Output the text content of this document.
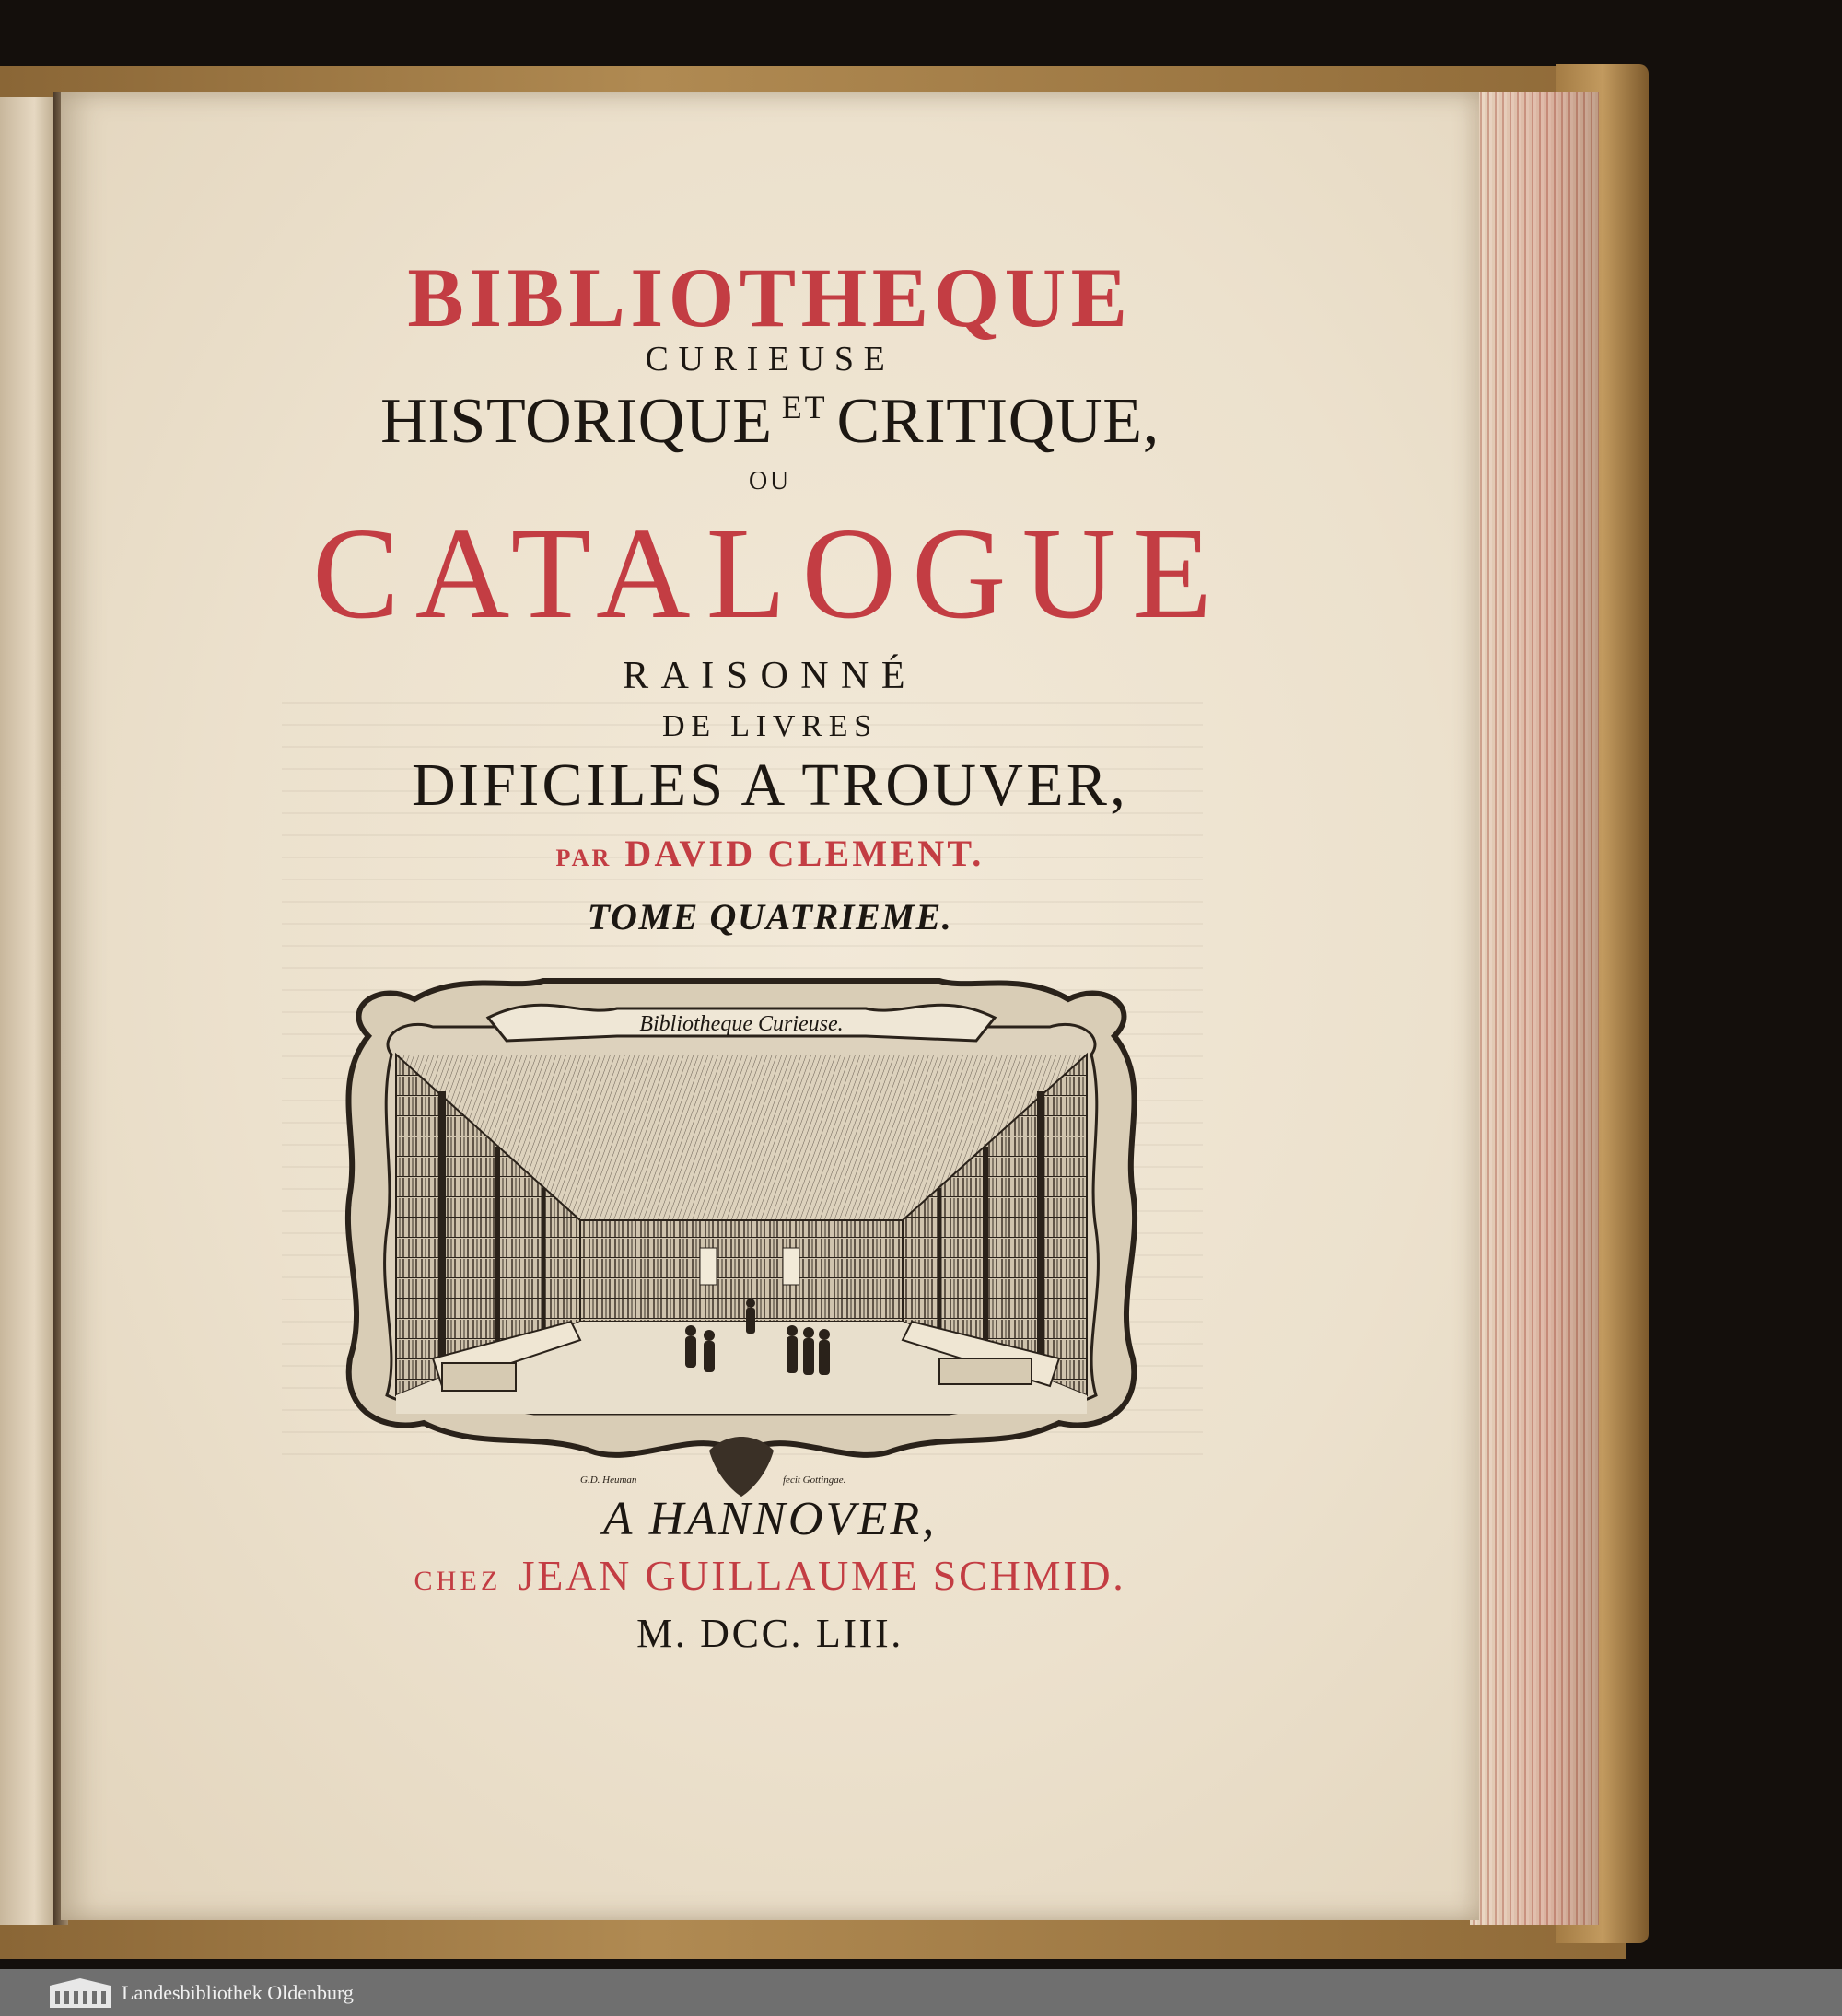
BIBLIOTHEQUE

CURIEUSE

HISTORIQUE $^{ET}$ CRITIQUE,

OU

CATALOGUE

RAISONNÉ

DE LIVRES

DIFICILES A TROUVER,

PAR DAVID CLEMENT.

TOME QUATRIEME.

Bibliotheque Curieuse.
G.D. Heuman	fecit Gottingae.

A HANNOVER,

CHEZ JEAN GUILLAUME SCHMID.

M. DCC. LIII.

Landesbibliothek Oldenburg
